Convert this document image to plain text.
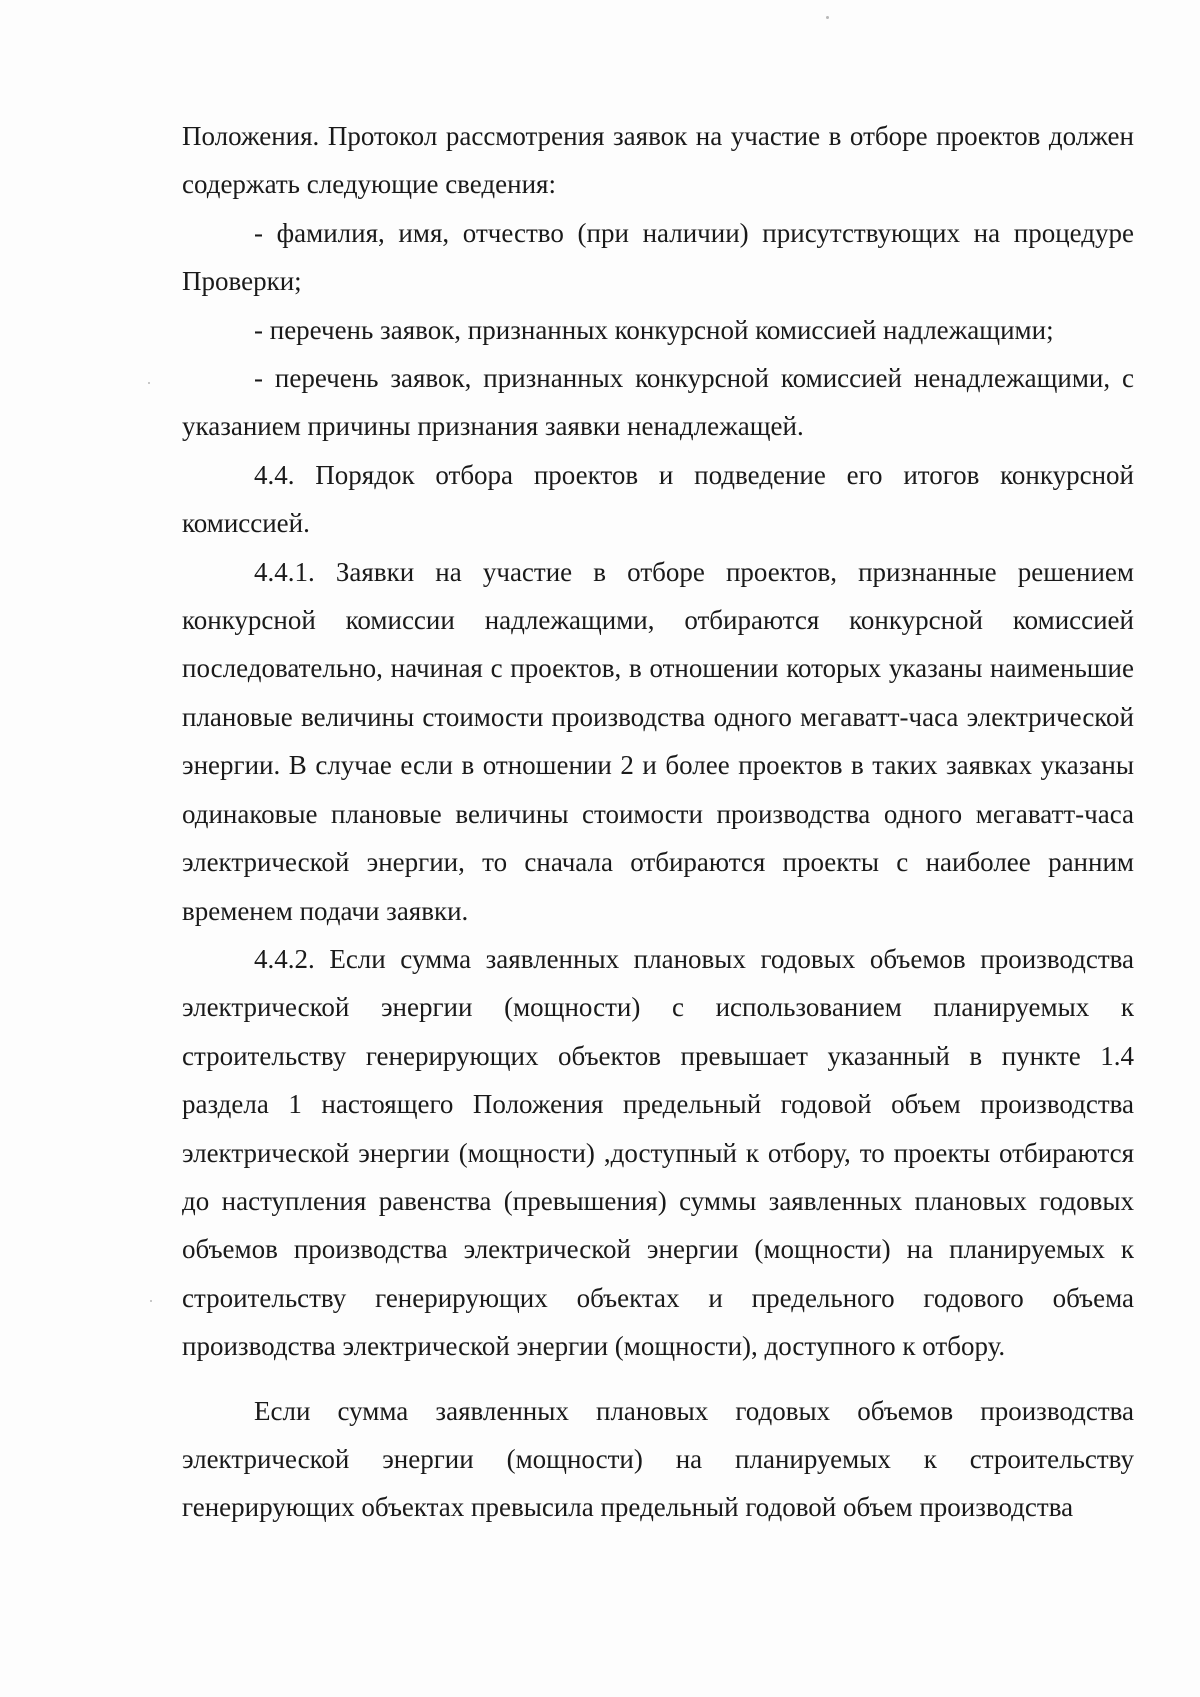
Положения. Протокол рассмотрения заявок на участие в отборе проектов должен содержать следующие сведения:

- фамилия, имя, отчество (при наличии) присутствующих на процедуре Проверки;

- перечень заявок, признанных конкурсной комиссией надлежащими;

- перечень заявок, признанных конкурсной комиссией ненадлежащими, с указанием причины признания заявки ненадлежащей.

4.4. Порядок отбора проектов и подведение его итогов конкурсной комиссией.

4.4.1. Заявки на участие в отборе проектов, признанные решением конкурсной комиссии надлежащими, отбираются конкурсной комиссией последовательно, начиная с проектов, в отношении которых указаны наименьшие плановые величины стоимости производства одного мегаватт-часа электрической энергии. В случае если в отношении 2 и более проектов в таких заявках указаны одинаковые плановые величины стоимости производства одного мегаватт-часа электрической энергии, то сначала отбираются проекты с наиболее ранним временем подачи заявки.

4.4.2. Если сумма заявленных плановых годовых объемов производства электрической энергии (мощности) с использованием планируемых к строительству генерирующих объектов превышает указанный в пункте 1.4 раздела 1 настоящего Положения предельный годовой объем производства электрической энергии (мощности) ,доступный к отбору, то проекты отбираются до наступления равенства (превышения) суммы заявленных плановых годовых объемов производства электрической энергии (мощности) на планируемых к строительству генерирующих объектах и предельного годового объема производства электрической энергии (мощности), доступного к отбору.

Если сумма заявленных плановых годовых объемов производства электрической энергии (мощности) на планируемых к строительству генерирующих объектах превысила предельный годовой объем производства
